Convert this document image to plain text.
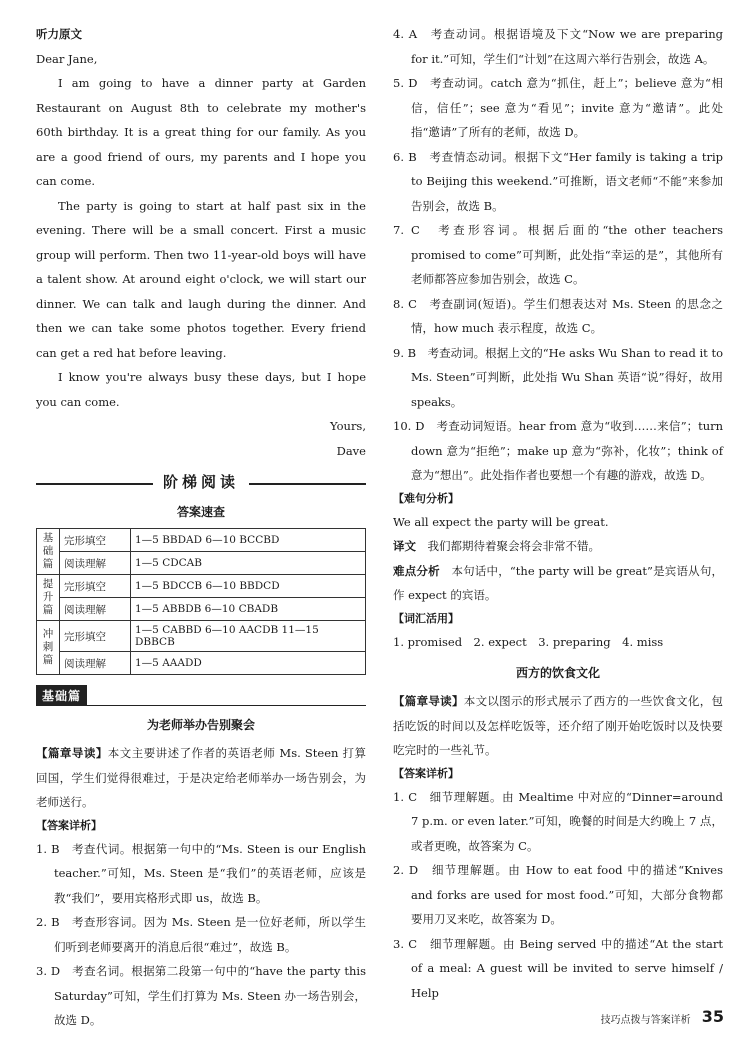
听力原文

Dear Jane,

I am going to have a dinner party at Garden Restaurant on August 8th to celebrate my mother's 60th birthday. It is a great thing for our family. As you are a good friend of ours, my parents and I hope you can come.

The party is going to start at half past six in the evening. There will be a small concert. First a music group will perform. Then two 11-year-old boys will have a talent show. At around eight o'clock, we will start our dinner. We can talk and laugh during the dinner. And then we can take some photos together. Every friend can get a red hat before leaving.

I know you're always busy these days, but I hope you can come.

Yours,

Dave

阶梯阅读
答案速查
基础篇	完形填空	1—5 BBDAD 6—10 BCCBD
	阅读理解	1—5 CDCAB
提升篇	完形填空	1—5 BDCCB 6—10 BBDCD
	阅读理解	1—5 ABBDB 6—10 CBADB
冲刺篇	完形填空	1—5 CABBD 6—10 AACDB 11—15 DBBCB
	阅读理解	1—5 AAADD
基础篇
为老师举办告别聚会

【篇章导读】本文主要讲述了作者的英语老师 Ms. Steen 打算回国，学生们觉得很难过，于是决定给老师举办一场告别会，为老师送行。

【答案详析】

1. B　考查代词。根据第一句中的“Ms. Steen is our English teacher.”可知，Ms. Steen 是“我们”的英语老师，应该是教“我们”，要用宾格形式即 us，故选 B。

2. B　考查形容词。因为 Ms. Steen 是一位好老师，所以学生们听到老师要离开的消息后很“难过”，故选 B。

3. D　考查名词。根据第二段第一句中的“have the party this Saturday”可知，学生们打算为 Ms. Steen 办一场告别会，故选 D。

4. A　考查动词。根据语境及下文“Now we are preparing for it.”可知，学生们“计划”在这周六举行告别会，故选 A。

5. D　考查动词。catch 意为“抓住，赶上”；believe 意为“相信，信任”；see 意为“看见”；invite 意为“邀请”。此处指“邀请”了所有的老师，故选 D。

6. B　考查情态动词。根据下文“Her family is taking a trip to Beijing this weekend.”可推断，语文老师“不能”来参加告别会，故选 B。

7. C　考查形容词。根据后面的“the other teachers promised to come”可判断，此处指“幸运的是”，其他所有老师都答应参加告别会，故选 C。

8. C　考查副词(短语)。学生们想表达对 Ms. Steen 的思念之情，how much 表示程度，故选 C。

9. B　考查动词。根据上文的“He asks Wu Shan to read it to Ms. Steen”可判断，此处指 Wu Shan 英语“说”得好，故用 speaks。

10. D　考查动词短语。hear from 意为“收到……来信”；turn down 意为“拒绝”；make up 意为“弥补，化妆”；think of 意为“想出”。此处指作者也要想一个有趣的游戏，故选 D。

【难句分析】

We all expect the party will be great.

译文　 我们都期待着聚会将会非常不错。

难点分析　 本句话中，“the party will be great”是宾语从句，作 expect 的宾语。

【词汇活用】

1. promised　2. expect　3. preparing　4. miss

西方的饮食文化

【篇章导读】本文以图示的形式展示了西方的一些饮食文化，包括吃饭的时间以及怎样吃饭等，还介绍了刚开始吃饭时以及快要吃完时的一些礼节。

【答案详析】

1. C　细节理解题。由 Mealtime 中对应的“Dinner=around 7 p.m. or even later.”可知，晚餐的时间是大约晚上 7 点，或者更晚，故答案为 C。

2. D　细节理解题。由 How to eat food 中的描述“Knives and forks are used for most food.”可知，大部分食物都要用刀叉来吃，故答案为 D。

3. C　细节理解题。由 Being served 中的描述“At the start of a meal: A guest will be invited to serve himself / Help

技巧点拨与答案详析 35
